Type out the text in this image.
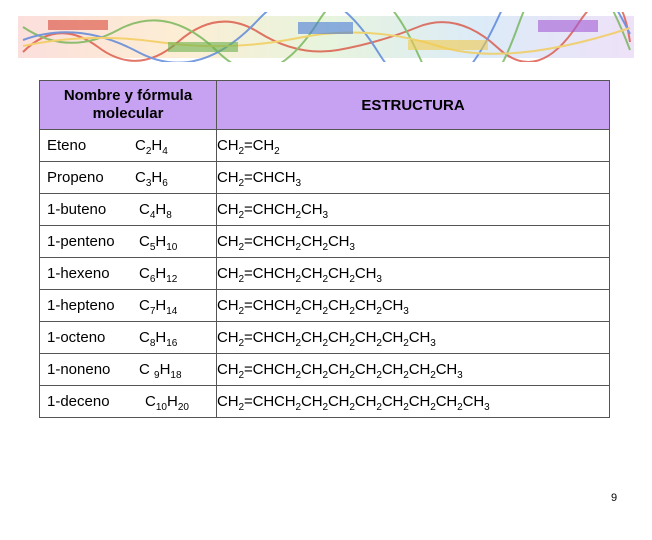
Nombre y fórmula molecular	ESTRUCTURA

Eteno $C_2H_4$	$CH_2=CH_2$

Propeno $C_3H_6$	$CH_2=CHCH_3$

1-buteno $C_4H_8$	$CH_2=CHCH_2CH_3$

1-penteno $C_5H_{10}$	$CH_2=CHCH_2CH_2CH_3$

1-hexeno $C_6H_{12}$	$CH_2=CHCH_2CH_2CH_2CH_3$

1-hepteno $C_7H_{14}$	$CH_2=CHCH_2CH_2CH_2CH_2CH_3$

1-octeno $C_8H_{16}$	$CH_2=CHCH_2CH_2CH_2CH_2CH_2CH_3$

1-noneno C $_9H_{18}$	$CH_2=CHCH_2CH_2CH_2CH_2CH_2CH_2CH_3$

1-deceno $C_{10}H_{20}$	$CH_2=CHCH_2CH_2CH_2CH_2CH_2CH_2CH_2CH_3$
9
